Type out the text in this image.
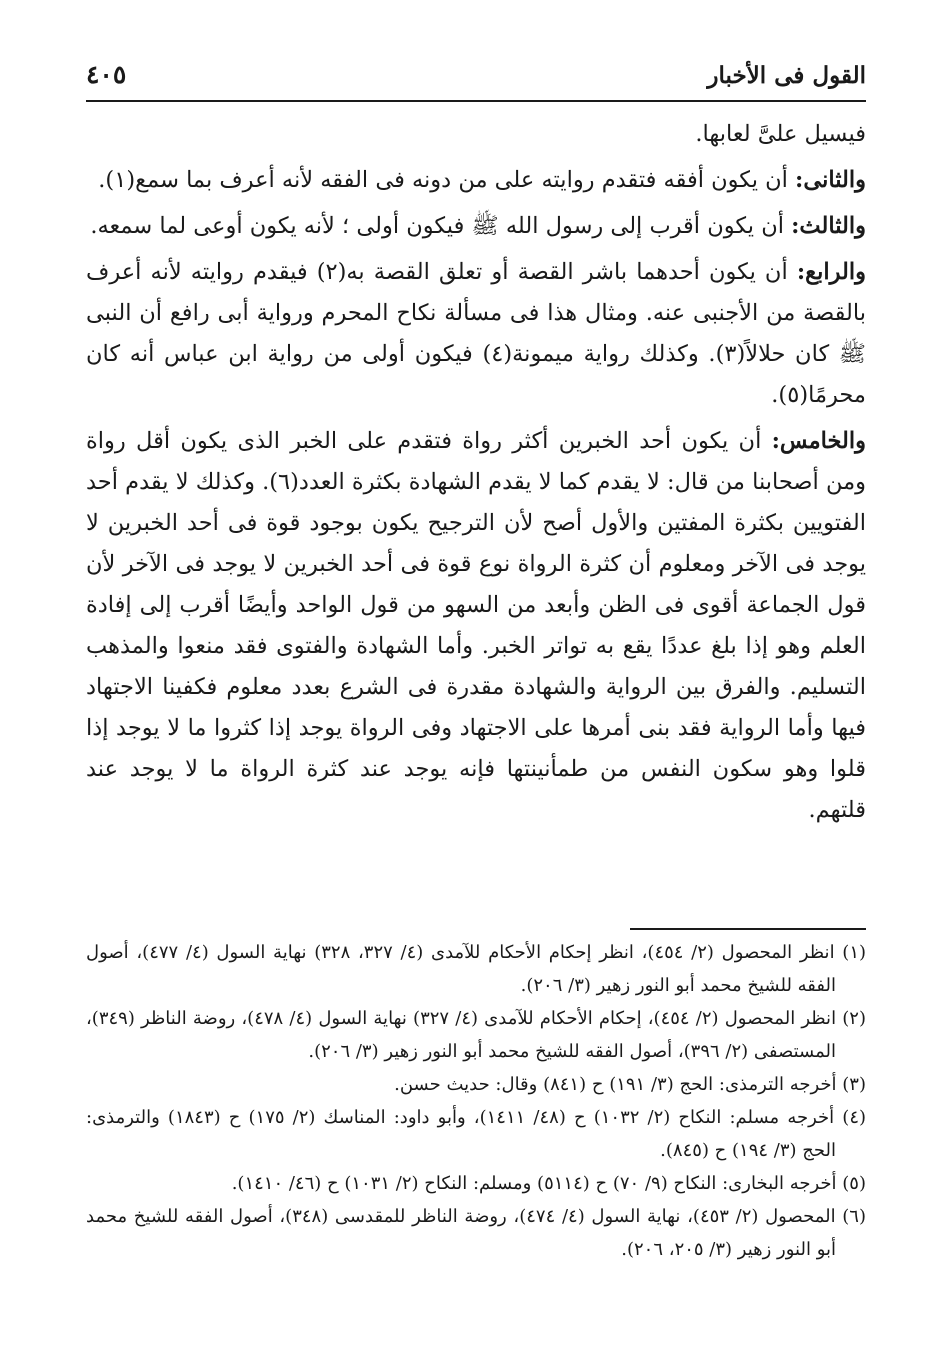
القول فى الأخبار
٤٠٥

فيسيل علىَّ لعابها.

والثانى: أن يكون أفقه فتقدم روايته على من دونه فى الفقه لأنه أعرف بما سمع(١).

والثالث: أن يكون أقرب إلى رسول الله ﷺ فيكون أولى ؛ لأنه يكون أوعى لما سمعه.

والرابع: أن يكون أحدهما باشر القصة أو تعلق القصة به(٢) فيقدم روايته لأنه أعرف بالقصة من الأجنبى عنه. ومثال هذا فى مسألة نكاح المحرم ورواية أبى رافع أن النبى ﷺ كان حلالاً(٣). وكذلك رواية ميمونة(٤) فيكون أولى من رواية ابن عباس أنه كان محرمًا(٥).

والخامس: أن يكون أحد الخبرين أكثر رواة فتقدم على الخبر الذى يكون أقل رواة ومن أصحابنا من قال: لا يقدم كما لا يقدم الشهادة بكثرة العدد(٦). وكذلك لا يقدم أحد الفتويين بكثرة المفتين والأول أصح لأن الترجيح يكون بوجود قوة فى أحد الخبرين لا يوجد فى الآخر ومعلوم أن كثرة الرواة نوع قوة فى أحد الخبرين لا يوجد فى الآخر لأن قول الجماعة أقوى فى الظن وأبعد من السهو من قول الواحد وأيضًا أقرب إلى إفادة العلم وهو إذا بلغ عددًا يقع به تواتر الخبر. وأما الشهادة والفتوى فقد منعوا والمذهب التسليم. والفرق بين الرواية والشهادة مقدرة فى الشرع بعدد معلوم فكفينا الاجتهاد فيها وأما الرواية فقد بنى أمرها على الاجتهاد وفى الرواة يوجد إذا كثروا ما لا يوجد إذا قلوا وهو سكون النفس من طمأنينتها فإنه يوجد عند كثرة الرواة ما لا يوجد عند قلتهم.

(١) انظر المحصول (٢/ ٤٥٤)، انظر إحكام الأحكام للآمدى (٤/ ٣٢٧، ٣٢٨) نهاية السول (٤/ ٤٧٧)، أصول الفقه للشيخ محمد أبو النور زهير (٣/ ٢٠٦).

(٢) انظر المحصول (٢/ ٤٥٤)، إحكام الأحكام للآمدى (٤/ ٣٢٧) نهاية السول (٤/ ٤٧٨)، روضة الناظر (٣٤٩)، المستصفى (٢/ ٣٩٦)، أصول الفقه للشيخ محمد أبو النور زهير (٣/ ٢٠٦).

(٣) أخرجه الترمذى: الحج (٣/ ١٩١) ح (٨٤١) وقال: حديث حسن.

(٤) أخرجه مسلم: النكاح (٢/ ١٠٣٢) ح (٤٨/ ١٤١١)، وأبو داود: المناسك (٢/ ١٧٥) ح (١٨٤٣) والترمذى: الحج (٣/ ١٩٤) ح (٨٤٥).

(٥) أخرجه البخارى: النكاح (٩/ ٧٠) ح (٥١١٤) ومسلم: النكاح (٢/ ١٠٣١) ح (٤٦/ ١٤١٠).

(٦) المحصول (٢/ ٤٥٣)، نهاية السول (٤/ ٤٧٤)، روضة الناظر للمقدسى (٣٤٨)، أصول الفقه للشيخ محمد أبو النور زهير (٣/ ٢٠٥، ٢٠٦).
